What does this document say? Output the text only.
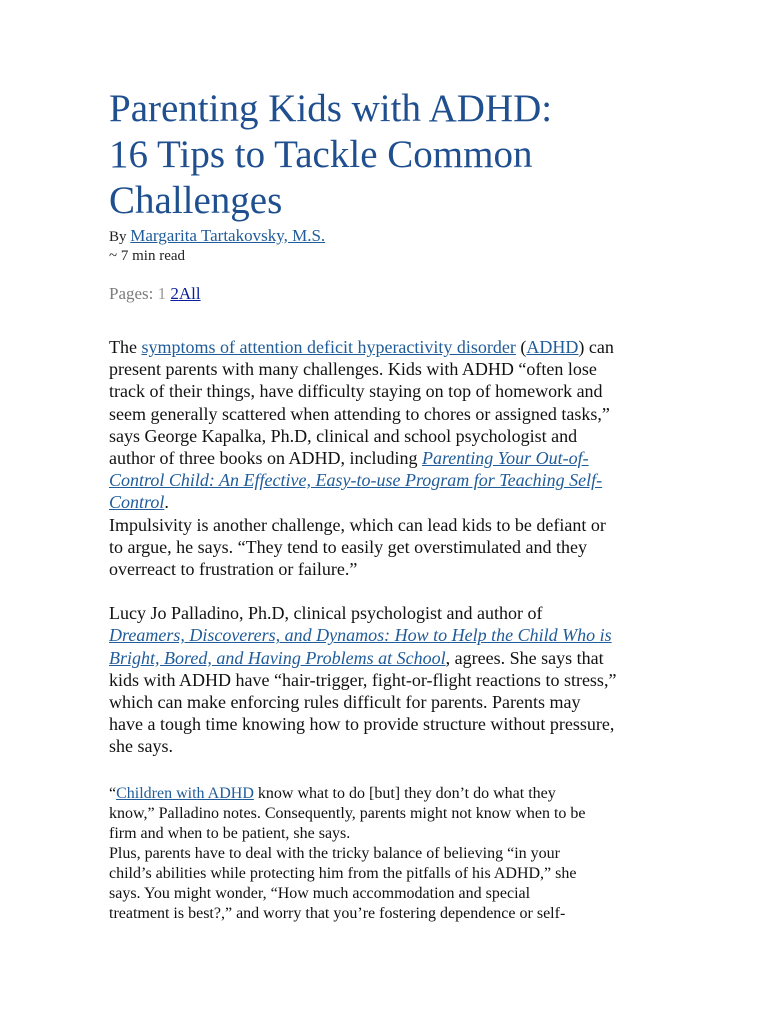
Parenting Kids with ADHD:
16 Tips to Tackle Common
Challenges
By Margarita Tartakovsky, M.S.
~ 7 min read
Pages: 1 2All
The symptoms of attention deficit hyperactivity disorder (ADHD) can
present parents with many challenges. Kids with ADHD “often lose
track of their things, have difficulty staying on top of homework and
seem generally scattered when attending to chores or assigned tasks,”
says George Kapalka, Ph.D, clinical and school psychologist and
author of three books on ADHD, including Parenting Your Out-of-
Control Child: An Effective, Easy-to-use Program for Teaching Self-
Control.
Impulsivity is another challenge, which can lead kids to be defiant or
to argue, he says. “They tend to easily get overstimulated and they
overreact to frustration or failure.”
Lucy Jo Palladino, Ph.D, clinical psychologist and author of
Dreamers, Discoverers, and Dynamos: How to Help the Child Who is
Bright, Bored, and Having Problems at School, agrees. She says that
kids with ADHD have “hair-trigger, fight-or-flight reactions to stress,”
which can make enforcing rules difficult for parents. Parents may
have a tough time knowing how to provide structure without pressure,
she says.
“Children with ADHD know what to do [but] they don’t do what they
know,” Palladino notes. Consequently, parents might not know when to be
firm and when to be patient, she says.
Plus, parents have to deal with the tricky balance of believing “in your
child’s abilities while protecting him from the pitfalls of his ADHD,” she
says. You might wonder, “How much accommodation and special
treatment is best?,” and worry that you’re fostering dependence or self-
